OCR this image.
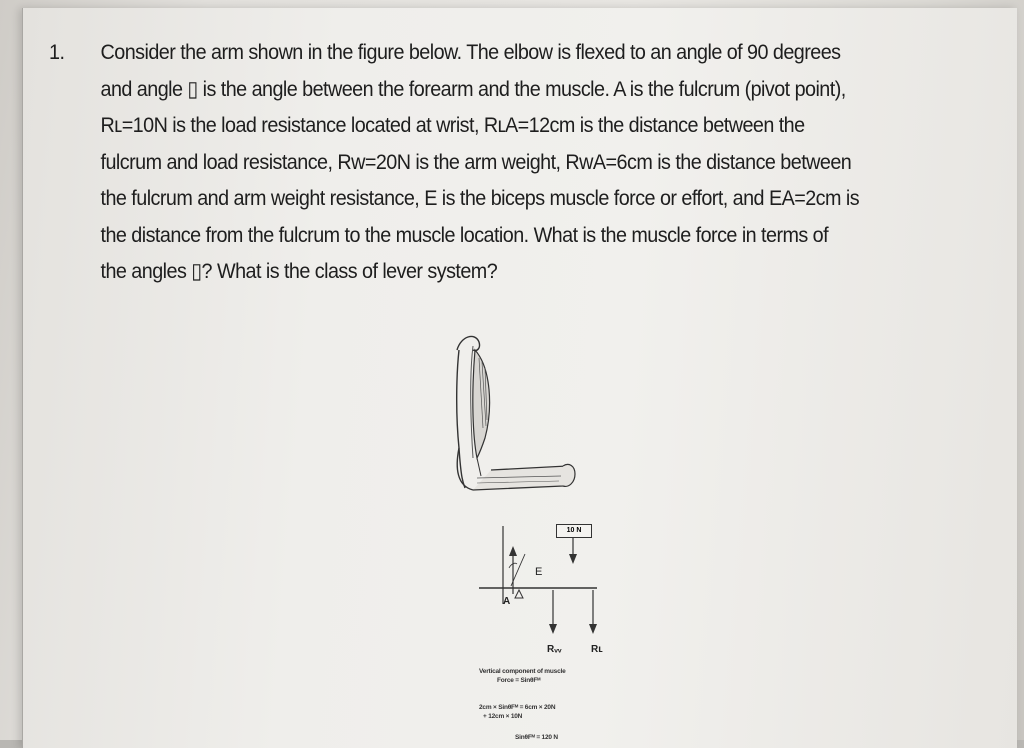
1. Consider the arm shown in the figure below. The elbow is flexed to an angle of 90 degrees
and angle ▯ is the angle between the forearm and the muscle. A is the fulcrum (pivot point),
Rʟ=10N is the load resistance located at wrist, RʟA=12cm is the distance between the
fulcrum and load resistance, Rw=20N is the arm weight, RwA=6cm is the distance between
the fulcrum and arm weight resistance, E is the biceps muscle force or effort, and EA=2cm is
the distance from the fulcrum to the muscle location. What is the muscle force in terms of
the angles ▯? What is the class of lever system?
10 N
E
A
Rᵥᵥ	Rʟ
Vertical component of muscle
Force = SinθFᴹ
2cm × SinθFᴹ = 6cm × 20N
+ 12cm × 10N
SinθFᴹ = 120 N
